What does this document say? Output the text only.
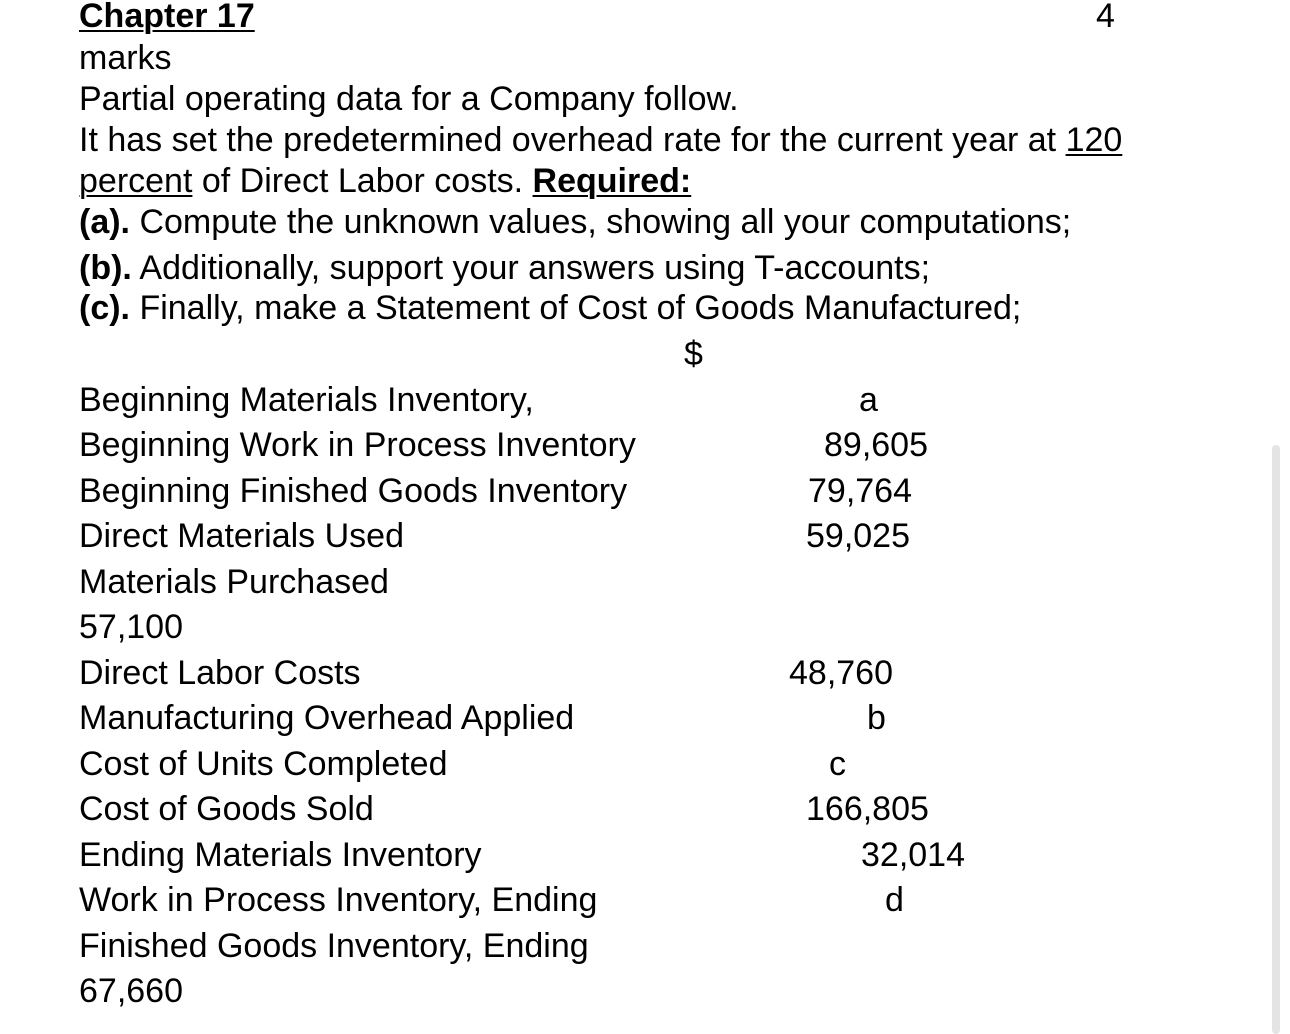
Chapter 17	4
marks
Partial operating data for a Company follow.
It has set the predetermined overhead rate for the current year at 120
percent of Direct Labor costs. Required:
(a). Compute the unknown values, showing all your computations;
(b). Additionally, support your answers using T-accounts;
(c). Finally, make a Statement of Cost of Goods Manufactured;
$
Beginning Materials Inventory,
Beginning Work in Process Inventory
Beginning Finished Goods Inventory
Direct Materials Used
Materials Purchased
57,100
Direct Labor Costs
Manufacturing Overhead Applied
Cost of Units Completed
Cost of Goods Sold
Ending Materials Inventory
Work in Process Inventory, Ending
Finished Goods Inventory, Ending
67,660
a
89,605
79,764
59,025
48,760
b
c
166,805
32,014
d
